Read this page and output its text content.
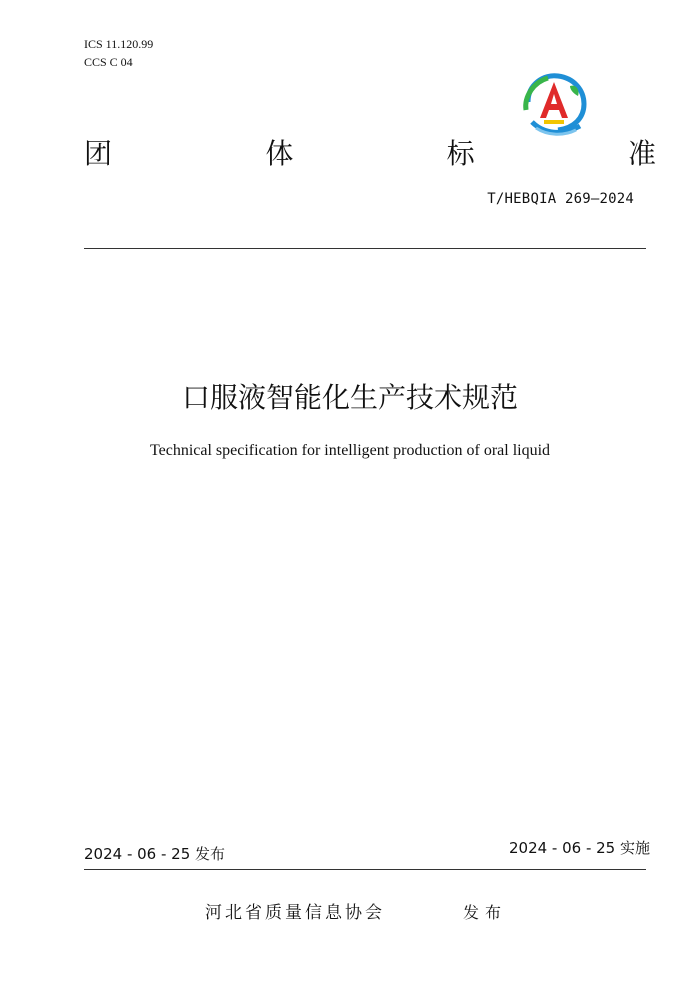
ICS 11.120.99
CCS C 04
团	体	标	准
T/HEBQIA 269—2024
口服液智能化生产技术规范
Technical specification for intelligent production of oral liquid
2024 - 06 - 25 发布	2024 - 06 - 25 实施
河北省质量信息协会	发布
